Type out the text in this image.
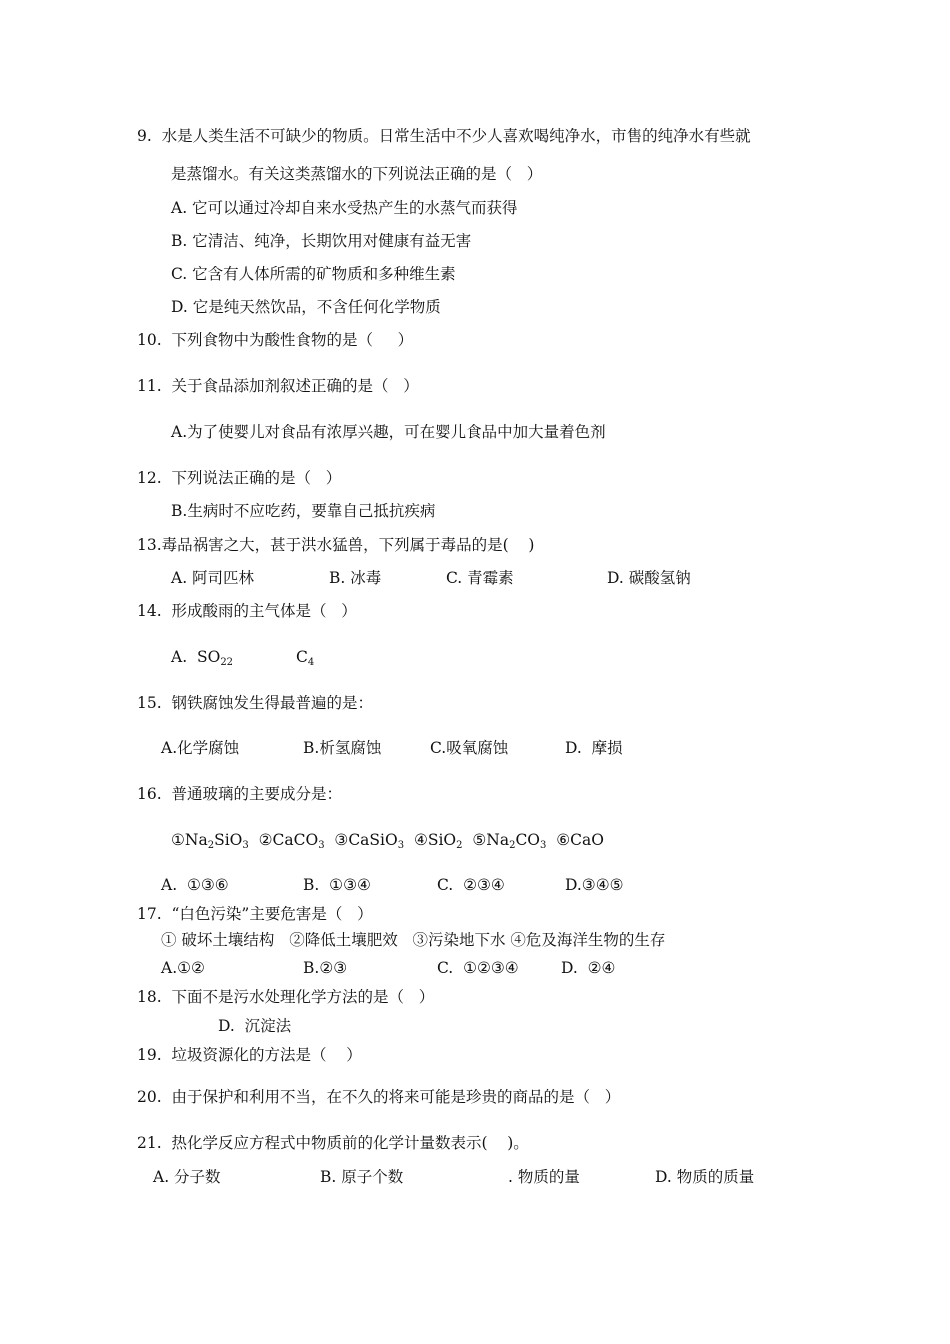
9.  水是人类生活不可缺少的物质。日常生活中不少人喜欢喝纯净水，市售的纯净水有些就
是蒸馏水。有关这类蒸馏水的下列说法正确的是（   ）
A. 它可以通过冷却自来水受热产生的水蒸气而获得
B. 它清洁、纯净，长期饮用对健康有益无害
C. 它含有人体所需的矿物质和多种维生素
D. 它是纯天然饮品，不含任何化学物质
10.  下列食物中为酸性食物的是（     ）
11.  关于食品添加剂叙述正确的是（   ）
A.为了使婴儿对食品有浓厚兴趣，可在婴儿食品中加大量着色剂
12.  下列说法正确的是（   ）
B.生病时不应吃药，要靠自己抵抗疾病
13.毒品祸害之大，甚于洪水猛兽，下列属于毒品的是(    )
A. 阿司匹林	B. 冰毒	C. 青霉素	D. 碳酸氢钠
14.  形成酸雨的主气体是（   ）
A.  $SO_{22}$	$C_4$
15.  钢铁腐蚀发生得最普遍的是：
A.化学腐蚀	B.析氢腐蚀	C.吸氧腐蚀	D.  摩损
16.  普通玻璃的主要成分是：
$①Na_2SiO_3$ ②CaCO$_3$ ③CaSiO$_3$ ④SiO$_2$ $⑤Na_2CO_3$ ⑥CaO
A.  ①③⑥	B.  ①③④	C.  ②③④	D.③④⑤
17.  “白色污染”主要危害是（   ）
① 破坏土壤结构   ②降低土壤肥效   ③污染地下水 ④危及海洋生物的生存
A.①②	B.②③	C.  ①②③④	D.  ②④
18.  下面不是污水处理化学方法的是（   ）
D.  沉淀法
19.  垃圾资源化的方法是（    ）
20.  由于保护和利用不当，在不久的将来可能是珍贵的商品的是（   ）
21.  热化学反应方程式中物质前的化学计量数表示(    )。
A. 分子数	B. 原子个数	. 物质的量	D. 物质的质量
